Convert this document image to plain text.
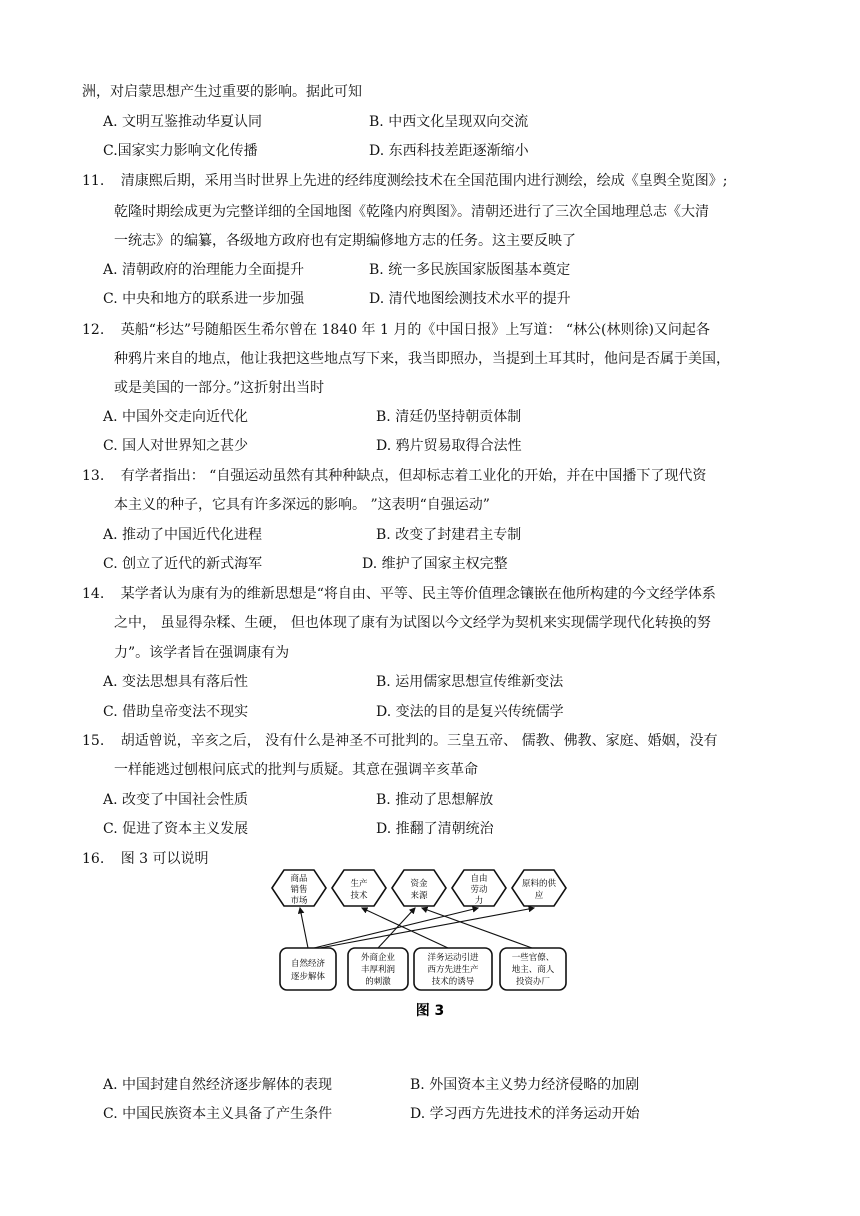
洲，对启蒙思想产生过重要的影响。据此可知
A. 文明互鉴推动华夏认同	B. 中西文化呈现双向交流
C.国家实力影响文化传播	D. 东西科技差距逐渐缩小
11. 清康熙后期，采用当时世界上先进的经纬度测绘技术在全国范围内进行测绘，绘成《皇舆全览图》;
乾隆时期绘成更为完整详细的全国地图《乾隆内府舆图》。清朝还进行了三次全国地理总志《大清
一统志》的编纂，各级地方政府也有定期编修地方志的任务。这主要反映了
A. 清朝政府的治理能力全面提升	B. 统一多民族国家版图基本奠定
C. 中央和地方的联系进一步加强	D. 清代地图绘测技术水平的提升
12. 英船“杉达”号随船医生希尔曾在 1840 年 1 月的《中国日报》上写道： “林公(林则徐)又问起各
种鸦片来自的地点，他让我把这些地点写下来，我当即照办，当提到土耳其时，他问是否属于美国，
或是美国的一部分。”这折射出当时
A. 中国外交走向近代化	B. 清廷仍坚持朝贡体制
C. 国人对世界知之甚少	D. 鸦片贸易取得合法性
13. 有学者指出： “自强运动虽然有其种种缺点，但却标志着工业化的开始，并在中国播下了现代资
本主义的种子，它具有许多深远的影响。 ”这表明“自强运动”
A. 推动了中国近代化进程	B. 改变了封建君主专制
C. 创立了近代的新式海军	D. 维护了国家主权完整
14. 某学者认为康有为的维新思想是“将自由、平等、民主等价值理念镶嵌在他所构建的今文经学体系
之中， 虽显得杂糅、生硬， 但也体现了康有为试图以今文经学为契机来实现儒学现代化转换的努
力”。该学者旨在强调康有为
A. 变法思想具有落后性	B. 运用儒家思想宣传维新变法
C. 借助皇帝变法不现实	D. 变法的目的是复兴传统儒学
15. 胡适曾说，辛亥之后， 没有什么是神圣不可批判的。三皇五帝、 儒教、佛教、家庭、婚姻，没有
一样能逃过刨根问底式的批判与质疑。其意在强调辛亥革命
A. 改变了中国社会性质	B. 推动了思想解放
C. 促进了资本主义发展	D. 推翻了清朝统治
16. 图 3 可以说明
商品
销售
市场
生产
技术
资金
来源
自由
劳动
力
原料的供
应
自然经济
逐步解体
外商企业
丰厚利润
的刺激
洋务运动引进
西方先进生产
技术的诱导
一些官僚、
地主、商人
投资办厂
图 3
A. 中国封建自然经济逐步解体的表现	B. 外国资本主义势力经济侵略的加剧
C. 中国民族资本主义具备了产生条件	D. 学习西方先进技术的洋务运动开始
